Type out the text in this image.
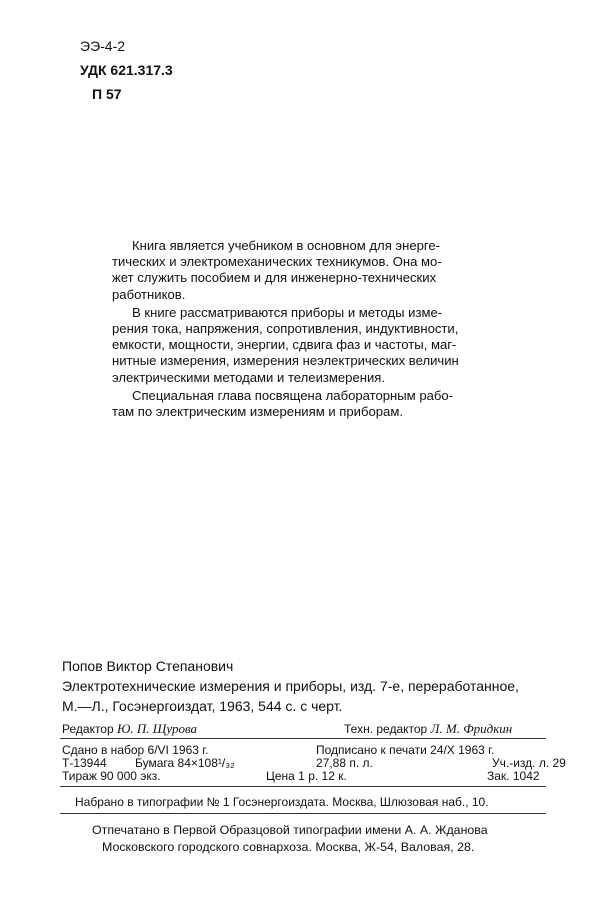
ЭЭ-4-2
УДК 621.317.3
П 57
Книга является учебником в основном для энерге-
тических и электромеханических техникумов. Она мо-
жет служить пособием и для инженерно-технических
работников.
В книге рассматриваются приборы и методы изме-
рения тока, напряжения, сопротивления, индуктивности,
емкости, мощности, энергии, сдвига фаз и частоты, маг-
нитные измерения, измерения неэлектрических величин
электрическими методами и телеизмерения.
Специальная глава посвящена лабораторным рабо-
там по электрическим измерениям и приборам.
Попов Виктор Степанович
Электротехнические измерения и приборы, изд. 7-е, переработанное,
М.—Л., Госэнергоиздат, 1963, 544 с. с черт.
Редактор Ю. П. Щурова	Техн. редактор Л. М. Фридкин
Сдано в набор 6/VI 1963 г.	Подписано к печати 24/X 1963 г.
Т-13944 Бумага 84×108¹/₃₂	27,88 п. л.	Уч.-изд. л. 29
Тираж 90 000 экз.	Цена 1 р. 12 к.	Зак. 1042
Набрано в типографии № 1 Госэнергоиздата. Москва, Шлюзовая наб., 10.
Отпечатано в Первой Образцовой типографии имени А. А. Жданова
Московского городского совнархоза. Москва, Ж-54, Валовая, 28.
